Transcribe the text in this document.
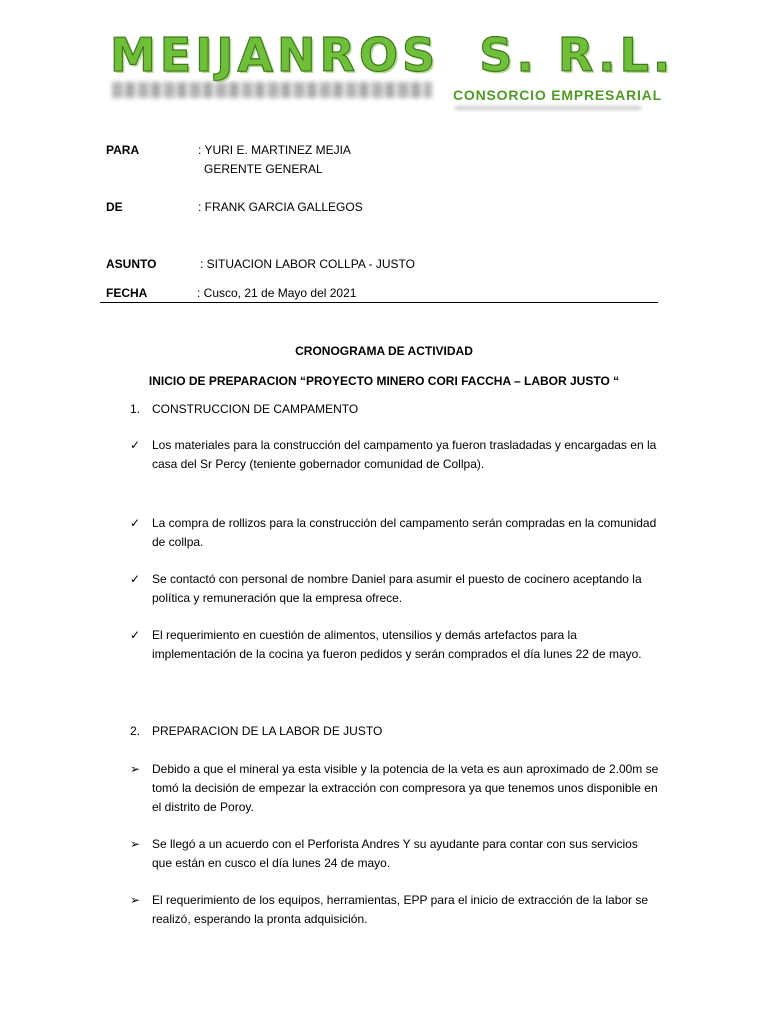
MEIJANROS  S. R.L.
CONSORCIO EMPRESARIAL
PARA	: YURI E. MARTINEZ MEJIA
GERENTE GENERAL
DE	: FRANK GARCIA GALLEGOS
ASUNTO	: SITUACION LABOR COLLPA - JUSTO
FECHA	: Cusco, 21 de Mayo del 2021
CRONOGRAMA DE ACTIVIDAD
INICIO DE PREPARACION “PROYECTO MINERO CORI FACCHA – LABOR JUSTO “
1. CONSTRUCCION DE CAMPAMENTO
✓ Los materiales para la construcción del campamento ya fueron trasladadas y encargadas en la casa del Sr Percy (teniente gobernador comunidad de Collpa).
✓ La compra de rollizos para la construcción del campamento serán compradas en la comunidad de collpa.
✓ Se contactó con personal de nombre Daniel para asumir el puesto de cocinero aceptando la política y remuneración que la empresa ofrece.
✓ El requerimiento en cuestión de alimentos, utensilios y demás artefactos para la implementación de la cocina ya fueron pedidos y serán comprados el día lunes 22 de mayo.
2. PREPARACION DE LA LABOR DE JUSTO
➢ Debido a que el mineral ya esta visible y la potencia de la veta es aun aproximado de 2.00m se tomó la decisión de empezar la extracción con compresora ya que tenemos unos disponible en el distrito de Poroy.
➢ Se llegó a un acuerdo con el Perforista Andres Y su ayudante para contar con sus servicios que están en cusco el día lunes 24 de mayo.
➢ El requerimiento de los equipos, herramientas, EPP para el inicio de extracción de la labor se realizó, esperando la pronta adquisición.
